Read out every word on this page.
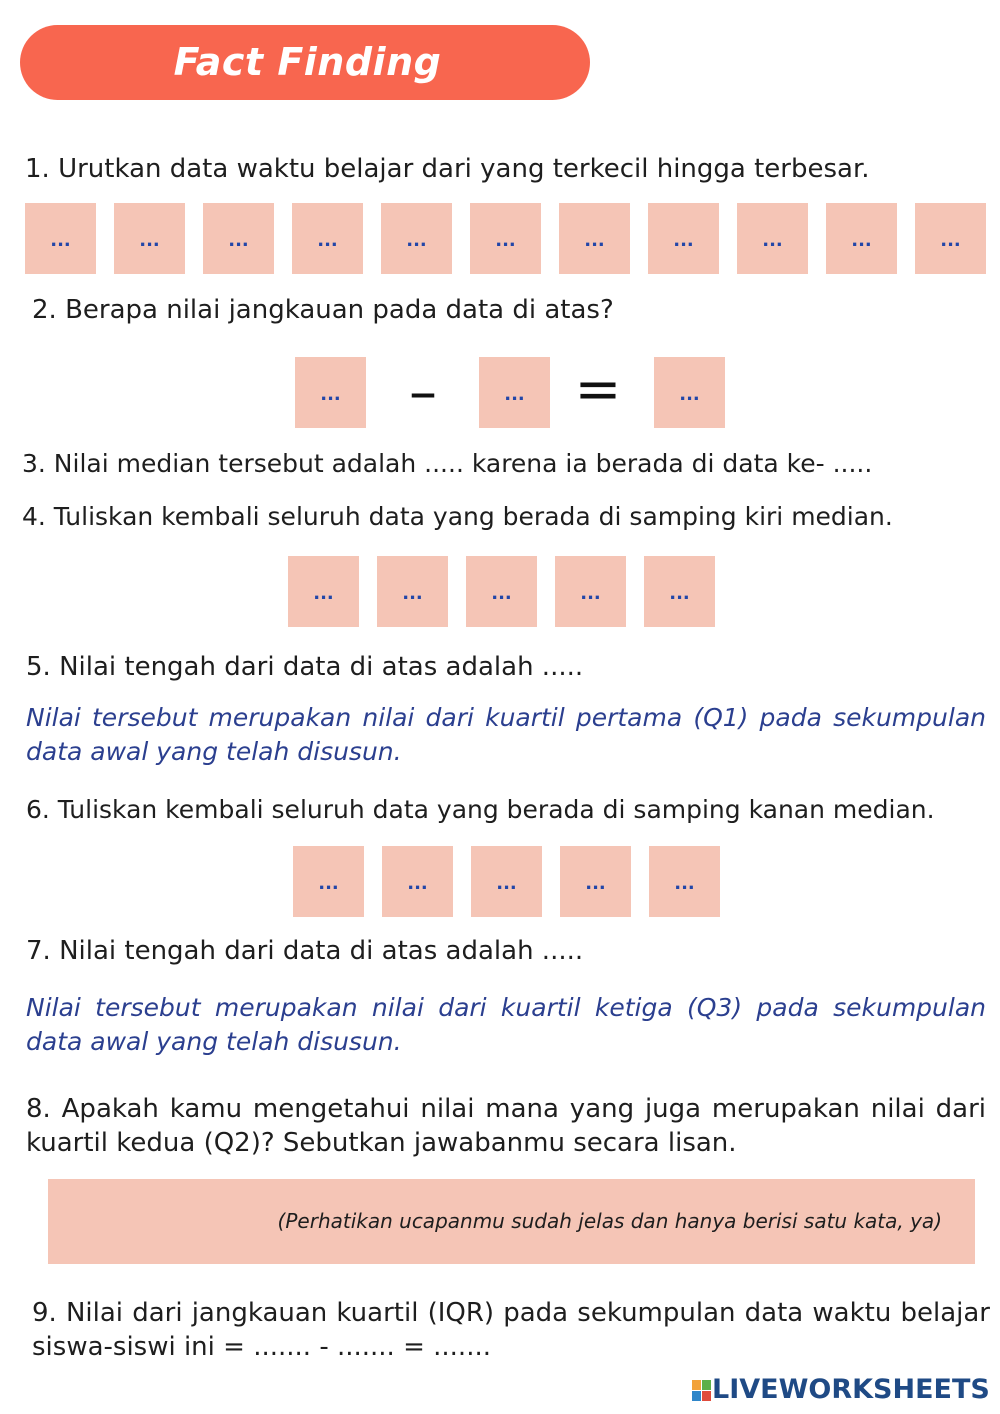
Fact Finding
1. Urutkan data waktu belajar dari yang terkecil hingga terbesar.
...	...	...	...	...	...	...	...	...	...	...
2. Berapa nilai jangkauan pada data di atas?
...	–	... =	...
3. Nilai median tersebut adalah ..... karena ia berada di data ke- .....
4. Tuliskan kembali seluruh data yang berada di samping kiri median.
...	...	...	...	...
5. Nilai tengah dari data di atas adalah .....
Nilai tersebut merupakan nilai dari kuartil pertama (Q1) pada sekumpulan data awal yang telah disusun.
6. Tuliskan kembali seluruh data yang berada di samping kanan median.
...	...	...	...	...
7. Nilai tengah dari data di atas adalah .....
Nilai tersebut merupakan nilai dari kuartil ketiga (Q3) pada sekumpulan data awal yang telah disusun.
8. Apakah kamu mengetahui nilai mana yang juga merupakan nilai dari kuartil kedua (Q2)? Sebutkan jawabanmu secara lisan.
(Perhatikan ucapanmu sudah jelas dan hanya berisi satu kata, ya)
9. Nilai dari jangkauan kuartil (IQR) pada sekumpulan data waktu belajar siswa-siswi ini = ....... - ....... = .......
LIVEWORKSHEETS
